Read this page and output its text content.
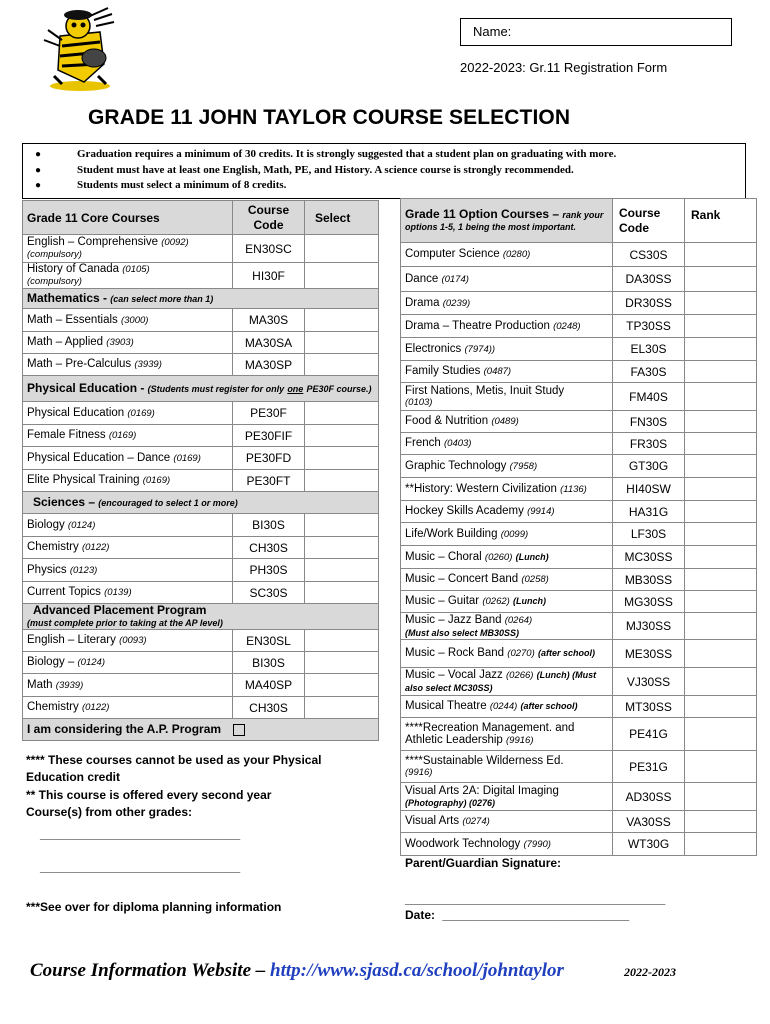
Name:
2022-2023: Gr.11 Registration Form
GRADE 11 JOHN TAYLOR COURSE SELECTION
●	Graduation requires a minimum of 30 credits. It is strongly suggested that a student plan on graduating with more.
●	Student must have at least one English, Math, PE, and History. A science course is strongly recommended.
●	Students must select a minimum of 8 credits.
Grade 11 Core Courses	Course Code	Select
English – Comprehensive (0092)
(compulsory)	EN30SC	
History of Canada (0105)
(compulsory)	HI30F	
Mathematics - (can select more than 1)		
Math – Essentials (3000)	MA30S	
Math – Applied (3903)	MA30SA	
Math – Pre-Calculus (3939)	MA30SP	
Physical Education - (Students must register for only one PE30F course.)		
Physical Education (0169)	PE30F	
Female Fitness (0169)	PE30FIF	
Physical Education – Dance (0169)	PE30FD	
Elite Physical Training (0169)	PE30FT	
Sciences – (encouraged to select 1 or more)		
Biology (0124)	BI30S	
Chemistry (0122)	CH30S	
Physics (0123)	PH30S	
Current Topics (0139)	SC30S	
Advanced Placement Program
(must complete prior to taking at the AP level)		

English – Literary (0093)	EN30SL	
Biology – (0124)	BI30S	
Math (3939)	MA40SP	
Chemistry (0122)	CH30S	
I am considering the A.P. Program		
**** These courses cannot be used as your Physical Education credit
** This course is offered every second year
Course(s) from other grades:
______________________________
______________________________
***See over for diploma planning information
Grade 11 Option Courses – rank your options 1-5, 1 being the most important.	Course Code	Rank
Computer Science (0280)	CS30S	
Dance (0174)	DA30SS	
Drama (0239)	DR30SS	
Drama – Theatre Production (0248)	TP30SS	
Electronics (7974))	EL30S	
Family Studies (0487)	FA30S	
First Nations, Metis, Inuit Study
(0103)	FM40S	
Food & Nutrition (0489)	FN30S	
French (0403)	FR30S	
Graphic Technology (7958)	GT30G	
**History: Western Civilization (1136)	HI40SW	
Hockey Skills Academy (9914)	HA31G	
Life/Work Building (0099)	LF30S	
Music – Choral (0260) (Lunch)	MC30SS	
Music – Concert Band (0258)	MB30SS	
Music – Guitar (0262) (Lunch)	MG30SS	
Music – Jazz Band (0264)
(Must also select MB30SS)	MJ30SS	
Music – Rock Band (0270) (after school)	ME30SS	
Music – Vocal Jazz (0266) (Lunch) (Must also select MC30SS)	VJ30SS	
Musical Theatre (0244) (after school)	MT30SS	
****Recreation Management. and Athletic Leadership (9916)	PE41G	
****Sustainable Wilderness Ed.
(9916)	PE31G	
Visual Arts 2A: Digital Imaging
(Photography) (0276)	AD30SS	
Visual Arts (0274)	VA30SS	
Woodwork Technology (7990)	WT30G	
Parent/Guardian Signature:
_______________________________________
Date: ____________________________
Course Information Website – http://www.sjasd.ca/school/johntaylor	2022-2023
